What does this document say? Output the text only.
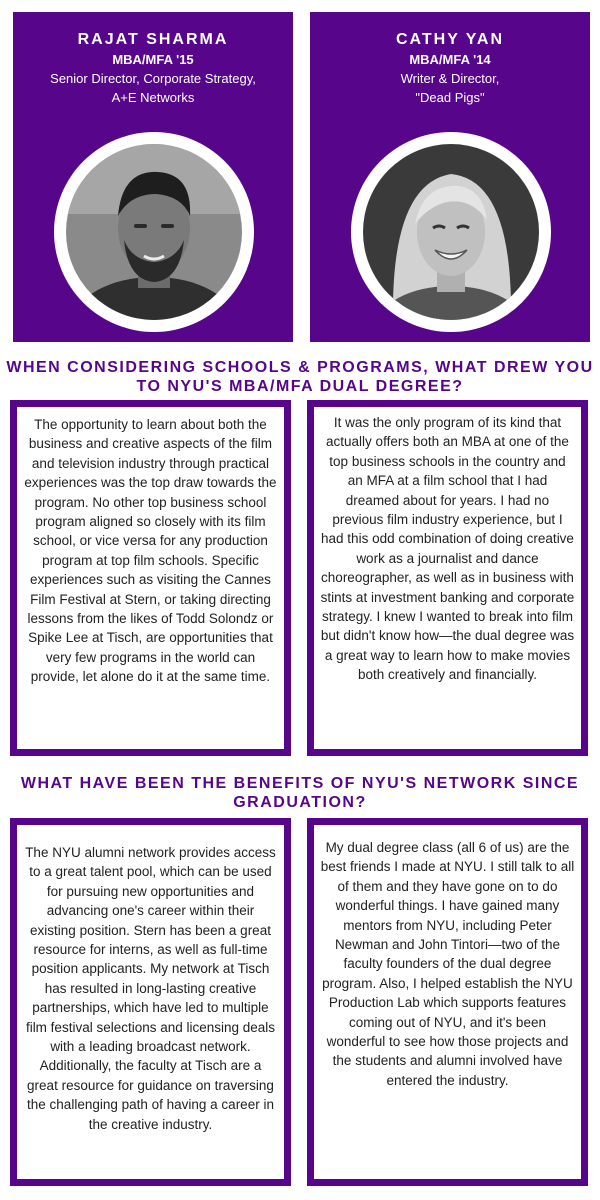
RAJAT SHARMA
MBA/MFA '15
Senior Director, Corporate Strategy,
A+E Networks
CATHY YAN
MBA/MFA '14
Writer & Director,
"Dead Pigs"
WHEN CONSIDERING SCHOOLS & PROGRAMS, WHAT DREW YOU TO NYU'S MBA/MFA DUAL DEGREE?

The opportunity to learn about both the business and creative aspects of the film and television industry through practical experiences was the top draw towards the program. No other top business school program aligned so closely with its film school, or vice versa for any production program at top film schools. Specific experiences such as visiting the Cannes Film Festival at Stern, or taking directing lessons from the likes of Todd Solondz or Spike Lee at Tisch, are opportunities that very few programs in the world can provide, let alone do it at the same time.

It was the only program of its kind that actually offers both an MBA at one of the top business schools in the country and an MFA at a film school that I had dreamed about for years. I had no previous film industry experience, but I had this odd combination of doing creative work as a journalist and dance choreographer, as well as in business with stints at investment banking and corporate strategy. I knew I wanted to break into film but didn't know how—the dual degree was a great way to learn how to make movies both creatively and financially.

WHAT HAVE BEEN THE BENEFITS OF NYU'S NETWORK SINCE GRADUATION?

The NYU alumni network provides access to a great talent pool, which can be used for pursuing new opportunities and advancing one's career within their existing position. Stern has been a great resource for interns, as well as full-time position applicants. My network at Tisch has resulted in long-lasting creative partnerships, which have led to multiple film festival selections and licensing deals with a leading broadcast network. Additionally, the faculty at Tisch are a great resource for guidance on traversing the challenging path of having a career in the creative industry.

My dual degree class (all 6 of us) are the best friends I made at NYU. I still talk to all of them and they have gone on to do wonderful things. I have gained many mentors from NYU, including Peter Newman and John Tintori—two of the faculty founders of the dual degree program. Also, I helped establish the NYU Production Lab which supports features coming out of NYU, and it's been wonderful to see how those projects and the students and alumni involved have entered the industry.
